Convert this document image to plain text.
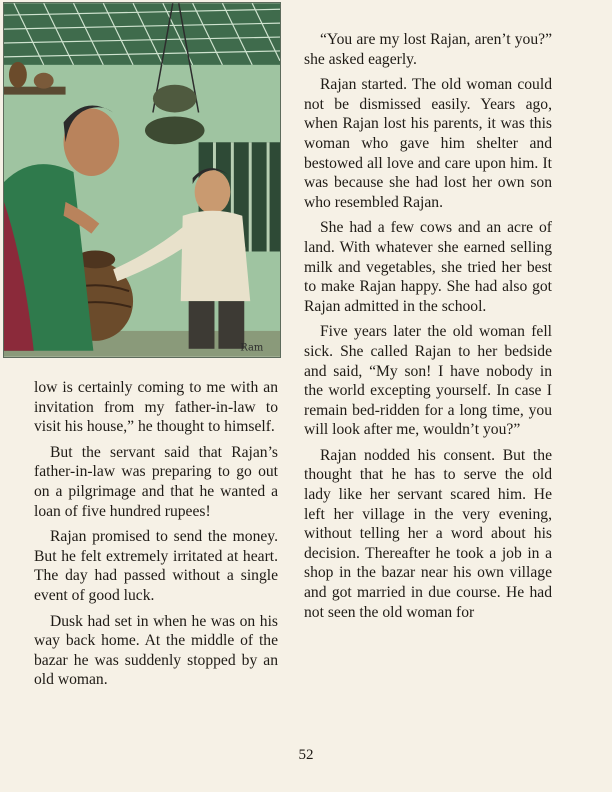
Ram

low is certainly coming to me with an invitation from my father-in-law to visit his house,” he thought to himself.

But the servant said that Rajan’s father-in-law was preparing to go out on a pilgrimage and that he wanted a loan of five hundred rupees!

Rajan promised to send the money. But he felt extremely irritated at heart. The day had passed without a single event of good luck.

Dusk had set in when he was on his way back home. At the middle of the bazar he was suddenly stopped by an old woman.

“You are my lost Rajan, aren’t you?” she asked eagerly.

Rajan started. The old woman could not be dismissed easily. Years ago, when Rajan lost his parents, it was this woman who gave him shelter and bestowed all love and care upon him. It was because she had lost her own son who resembled Rajan.

She had a few cows and an acre of land. With whatever she earned selling milk and vegetables, she tried her best to make Rajan happy. She had also got Rajan admitted in the school.

Five years later the old woman fell sick. She called Rajan to her bedside and said, “My son! I have nobody in the world excepting yourself. In case I remain bed-ridden for a long time, you will look after me, wouldn’t you?”

Rajan nodded his consent. But the thought that he has to serve the old lady like her servant scared him. He left her village in the very evening, without telling her a word about his decision. Thereafter he took a job in a shop in the bazar near his own village and got married in due course. He had not seen the old woman for

52
